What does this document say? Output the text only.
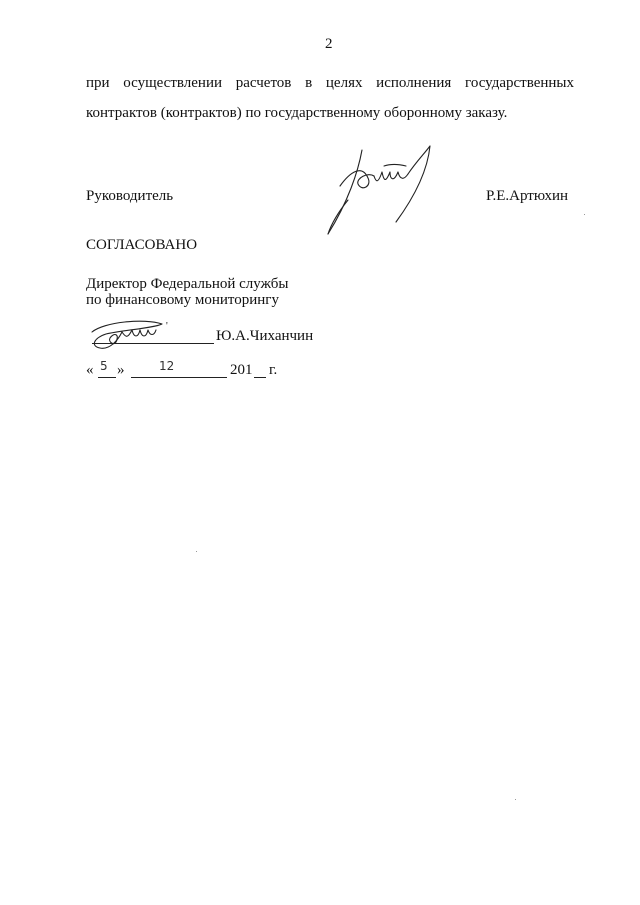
2
при осуществлении расчетов в целях исполнения государственных
контрактов (контрактов) по государственному оборонному заказу.
Руководитель	Р.Е.Артюхин
СОГЛАСОВАНО
Директор Федеральной службы
по финансовому мониторингу
'
Ю.А.Чиханчин
« 5 »	12	201 г.
